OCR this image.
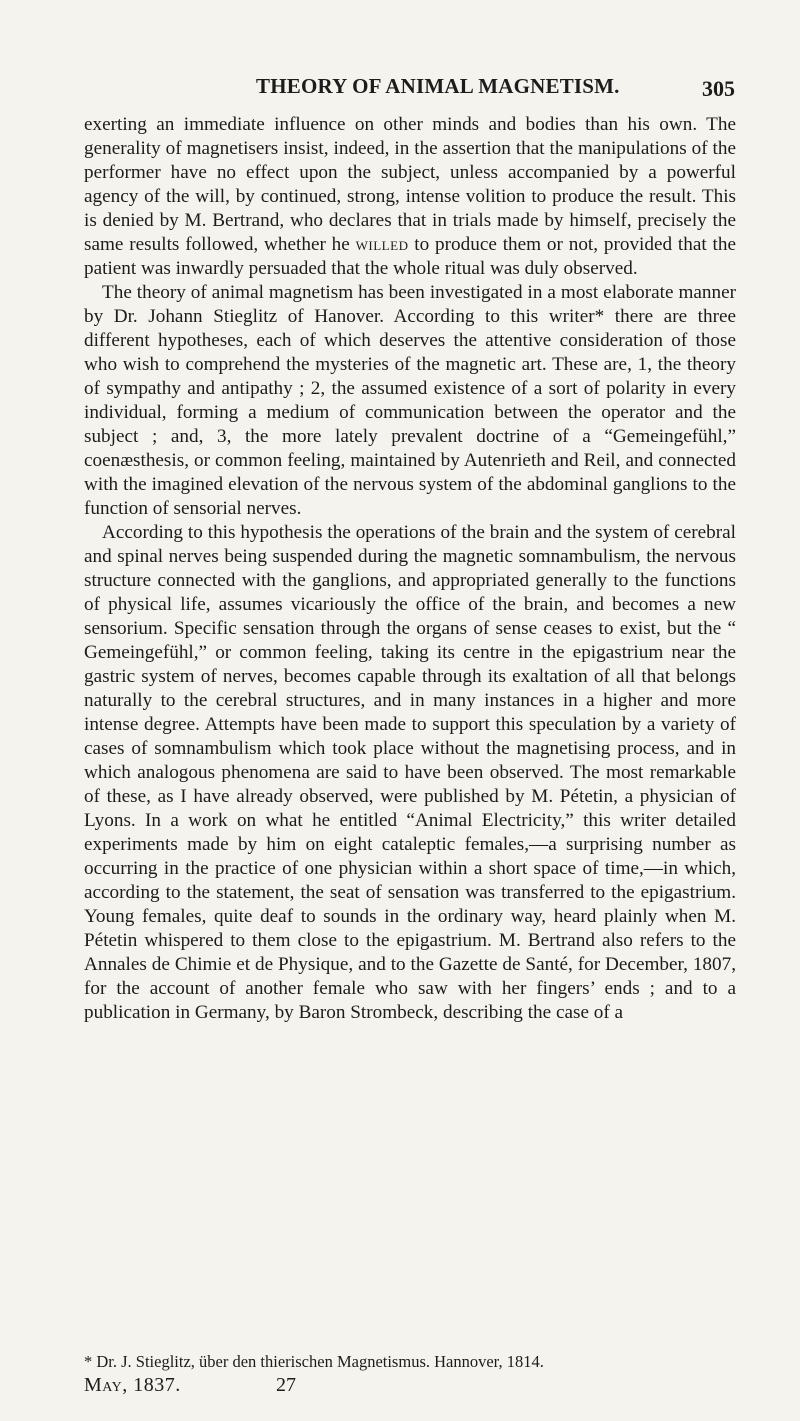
THEORY OF ANIMAL MAGNETISM.	305

exerting an immediate influence on other minds and bodies than his own. The generality of magnetisers insist, indeed, in the assertion that the manipulations of the performer have no effect upon the subject, unless accompanied by a powerful agency of the will, by continued, strong, intense volition to produce the result. This is denied by M. Bertrand, who declares that in trials made by himself, precisely the same results followed, whether he willed to produce them or not, provided that the patient was inwardly persuaded that the whole ritual was duly observed.

The theory of animal magnetism has been investigated in a most elaborate manner by Dr. Johann Stieglitz of Hanover. According to this writer* there are three different hypotheses, each of which deserves the attentive consideration of those who wish to comprehend the mysteries of the magnetic art. These are, 1, the theory of sympathy and antipathy ; 2, the assumed existence of a sort of polarity in every individual, forming a medium of communication between the operator and the subject ; and, 3, the more lately prevalent doctrine of a “Gemeingefühl,” coenæsthesis, or common feeling, maintained by Autenrieth and Reil, and connected with the imagined elevation of the nervous system of the abdominal ganglions to the function of sensorial nerves.

According to this hypothesis the operations of the brain and the system of cerebral and spinal nerves being suspended during the magnetic somnambulism, the nervous structure connected with the ganglions, and appropriated generally to the functions of physical life, assumes vicariously the office of the brain, and becomes a new sensorium. Specific sensation through the organs of sense ceases to exist, but the “ Gemeingefühl,” or common feeling, taking its centre in the epigastrium near the gastric system of nerves, becomes capable through its exaltation of all that belongs naturally to the cerebral structures, and in many instances in a higher and more intense degree. Attempts have been made to support this speculation by a variety of cases of somnambulism which took place without the magnetising process, and in which analogous phenomena are said to have been observed. The most remarkable of these, as I have already observed, were published by M. Pétetin, a physician of Lyons. In a work on what he entitled “Animal Electricity,” this writer detailed experiments made by him on eight cataleptic females,—a surprising number as occurring in the practice of one physician within a short space of time,—in which, according to the statement, the seat of sensation was transferred to the epigastrium. Young females, quite deaf to sounds in the ordinary way, heard plainly when M. Pétetin whispered to them close to the epigastrium. M. Bertrand also refers to the Annales de Chimie et de Physique, and to the Gazette de Santé, for December, 1807, for the account of another female who saw with her fingers’ ends ; and to a publication in Germany, by Baron Strombeck, describing the case of a

* Dr. J. Stieglitz, über den thierischen Magnetismus. Hannover, 1814.
May, 1837.	27
